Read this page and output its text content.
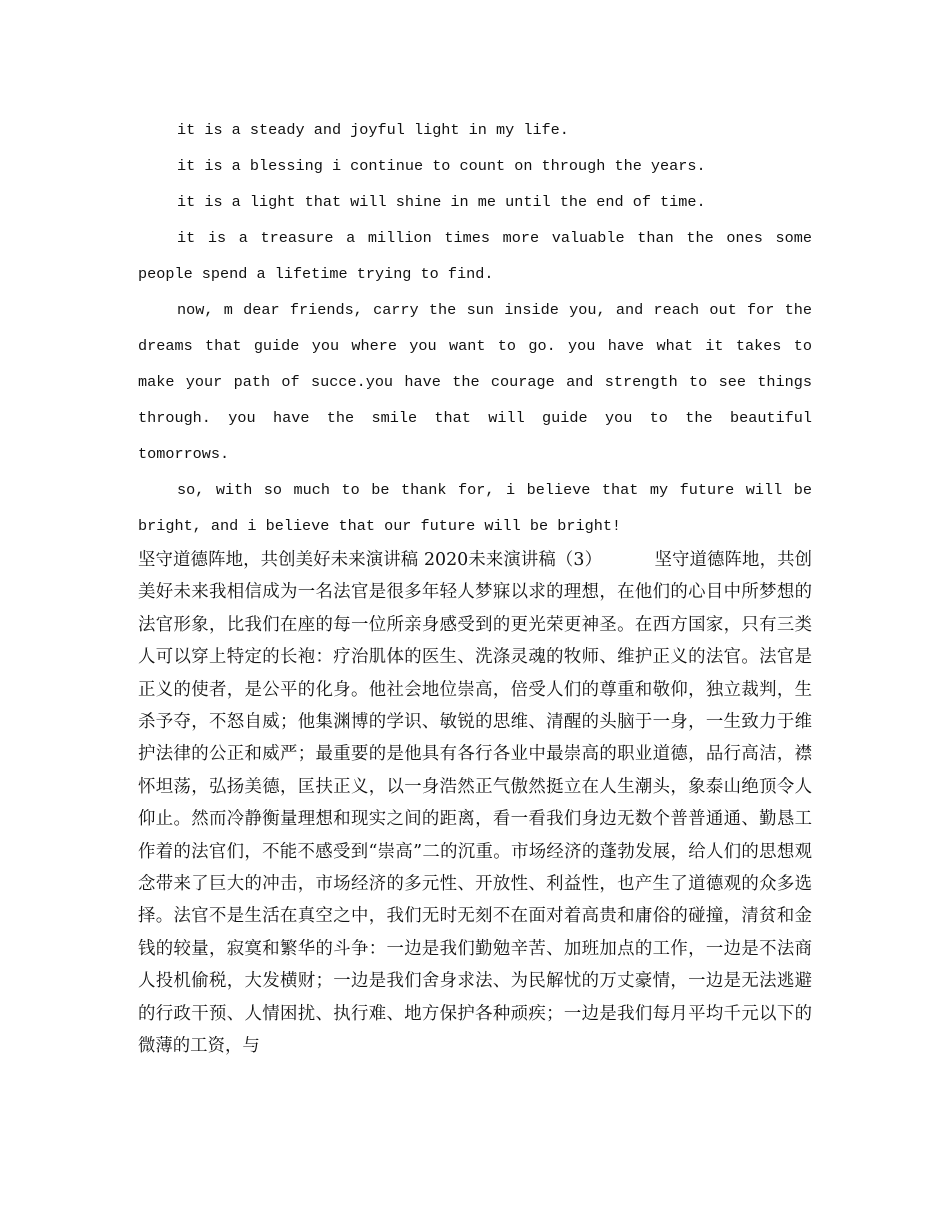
it is a steady and joyful light in my life.

it is a blessing i continue to count on through the years.

it is a light that will shine in me until the end of time.

it is a treasure a million times more valuable than the ones some people spend a lifetime trying to find.

now, m dear friends, carry the sun inside you, and reach out for the dreams that guide you where you want to go. you have what it takes to make your path of succe.you have the courage and strength to see things through. you have the smile that will guide you to the beautiful tomorrows.

so, with so much to be thank for, i believe that my future will be bright, and i believe that our future will be bright!

坚守道德阵地，共创美好未来演讲稿 2020未来演讲稿（3）   	坚守道德阵地，共创美好未来我相信成为一名法官是很多年轻人梦寐以求的理想，在他们的心目中所梦想的法官形象，比我们在座的每一位所亲身感受到的更光荣更神圣。在西方国家，只有三类人可以穿上特定的长袍：疗治肌体的医生、洗涤灵魂的牧师、维护正义的法官。法官是正义的使者，是公平的化身。他社会地位崇高，倍受人们的尊重和敬仰，独立裁判，生杀予夺，不怒自威；他集渊博的学识、敏锐的思维、清醒的头脑于一身，一生致力于维护法律的公正和威严；最重要的是他具有各行各业中最崇高的职业道德，品行高洁，襟怀坦荡，弘扬美德，匡扶正义，以一身浩然正气傲然挺立在人生潮头，象泰山绝顶令人仰止。然而冷静衡量理想和现实之间的距离，看一看我们身边无数个普普通通、勤恳工作着的法官们，不能不感受到“崇高”二的沉重。市场经济的蓬勃发展，给人们的思想观念带来了巨大的冲击，市场经济的多元性、开放性、利益性，也产生了道德观的众多选择。法官不是生活在真空之中，我们无时无刻不在面对着高贵和庸俗的碰撞，清贫和金钱的较量，寂寞和繁华的斗争：一边是我们勤勉辛苦、加班加点的工作，一边是不法商人投机偷税，大发横财；一边是我们舍身求法、为民解忧的万丈豪情，一边是无法逃避的行政干预、人情困扰、执行难、地方保护各种顽疾；一边是我们每月平均千元以下的微薄的工资，与
